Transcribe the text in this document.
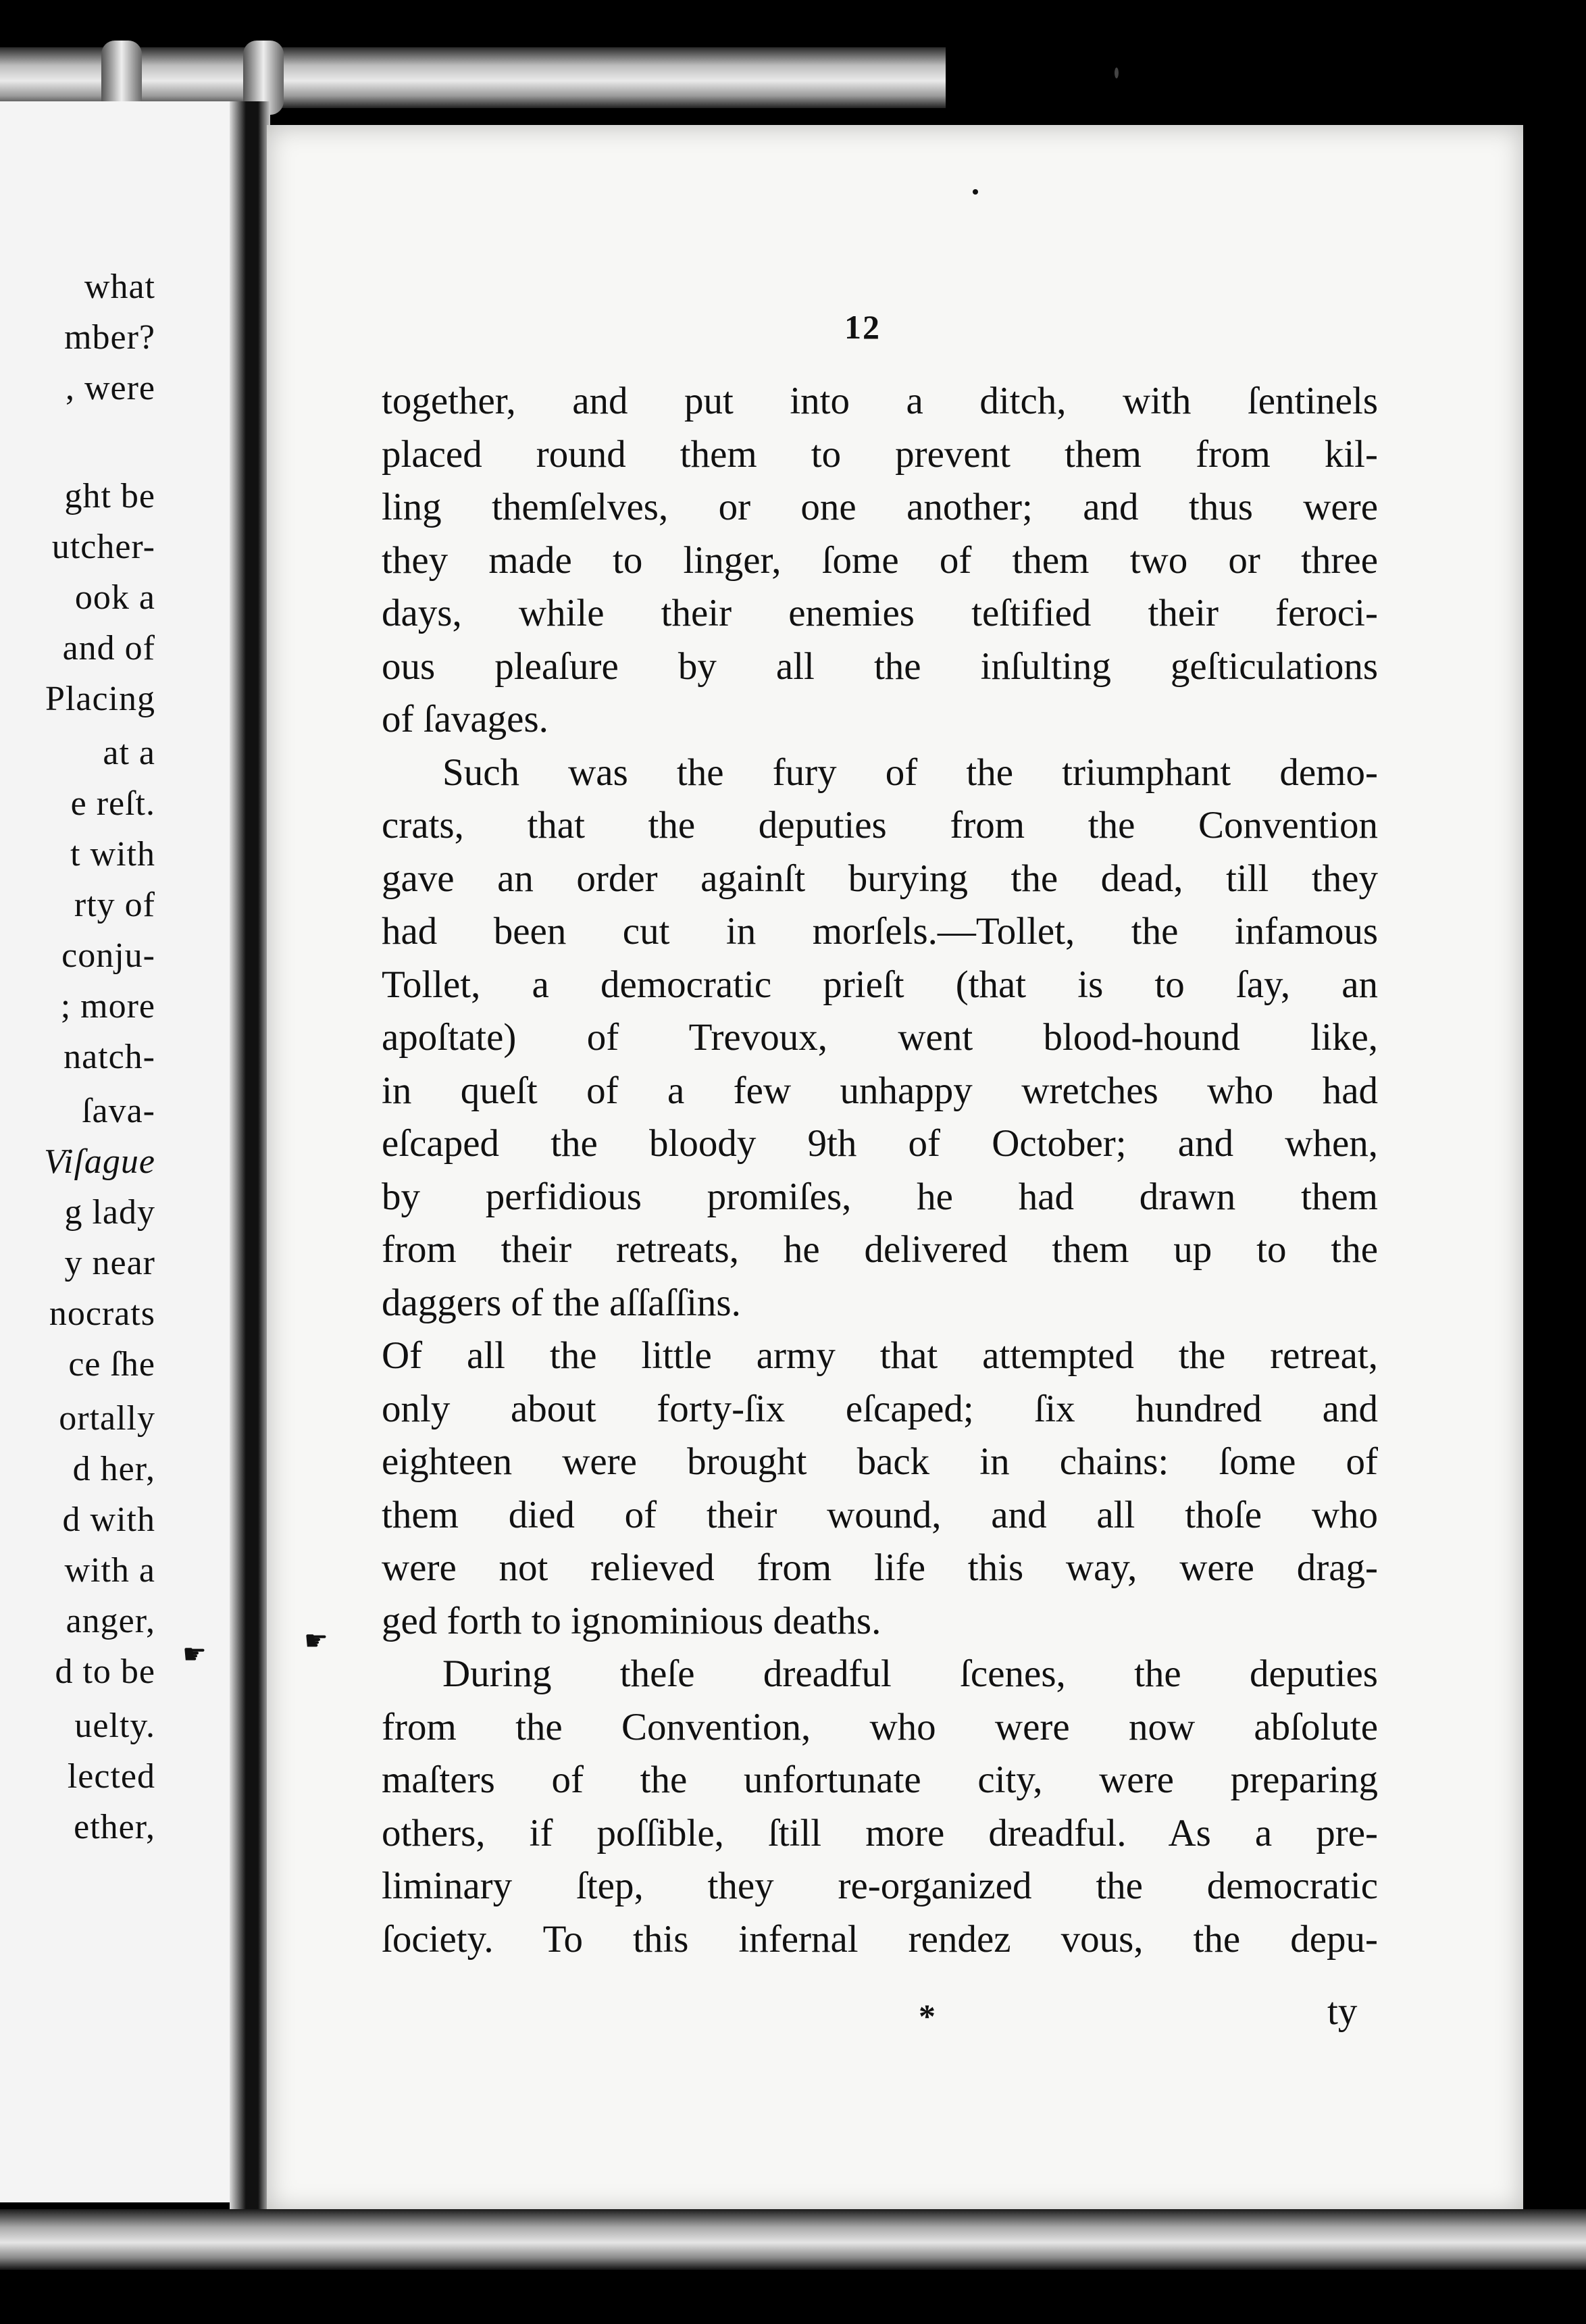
what
mber?
, were
ght be
utcher-
ook a
and of
Placing
at a
e reſt.
t with
rty of
conju-
; more
natch-
ſava-
Viſague
g lady
y near
nocrats
ce ſhe
ortally
d her,
d with
with a
anger,
d to be
uelty.
lected
ether,
12
together, and put into a ditch, with ſentinels
placed round them to prevent them from kil-
ling themſelves, or one another; and thus were
they made to linger, ſome of them two or three
days, while their enemies teſtified their feroci-
ous pleaſure by all the inſulting geſticulations
of ſavages.
Such was the fury of the triumphant demo-
crats, that the deputies from the Convention
gave an order againſt burying the dead, till they
had been cut in morſels.—Tollet, the infamous
Tollet, a democratic prieſt (that is to ſay, an
apoſtate) of Trevoux, went blood-hound like,
in queſt of a few unhappy wretches who had
eſcaped the bloody 9th of October; and when,
by perfidious promiſes, he had drawn them
from their retreats, he delivered them up to the
daggers of the aſſaſſins.
Of all the little army that attempted the retreat,
only about forty-ſix eſcaped; ſix hundred and
eighteen were brought back in chains: ſome of
them died of their wound, and all thoſe who
were not relieved from life this way, were drag-
ged forth to ignominious deaths.
During theſe dreadful ſcenes, the deputies
from the Convention, who were now abſolute
maſters of the unfortunate city, were preparing
others, if poſſible, ſtill more dreadful. As a pre-
liminary ſtep, they re-organized the democratic
ſociety. To this infernal rendez vous, the depu-
*	ty
☛	☛
